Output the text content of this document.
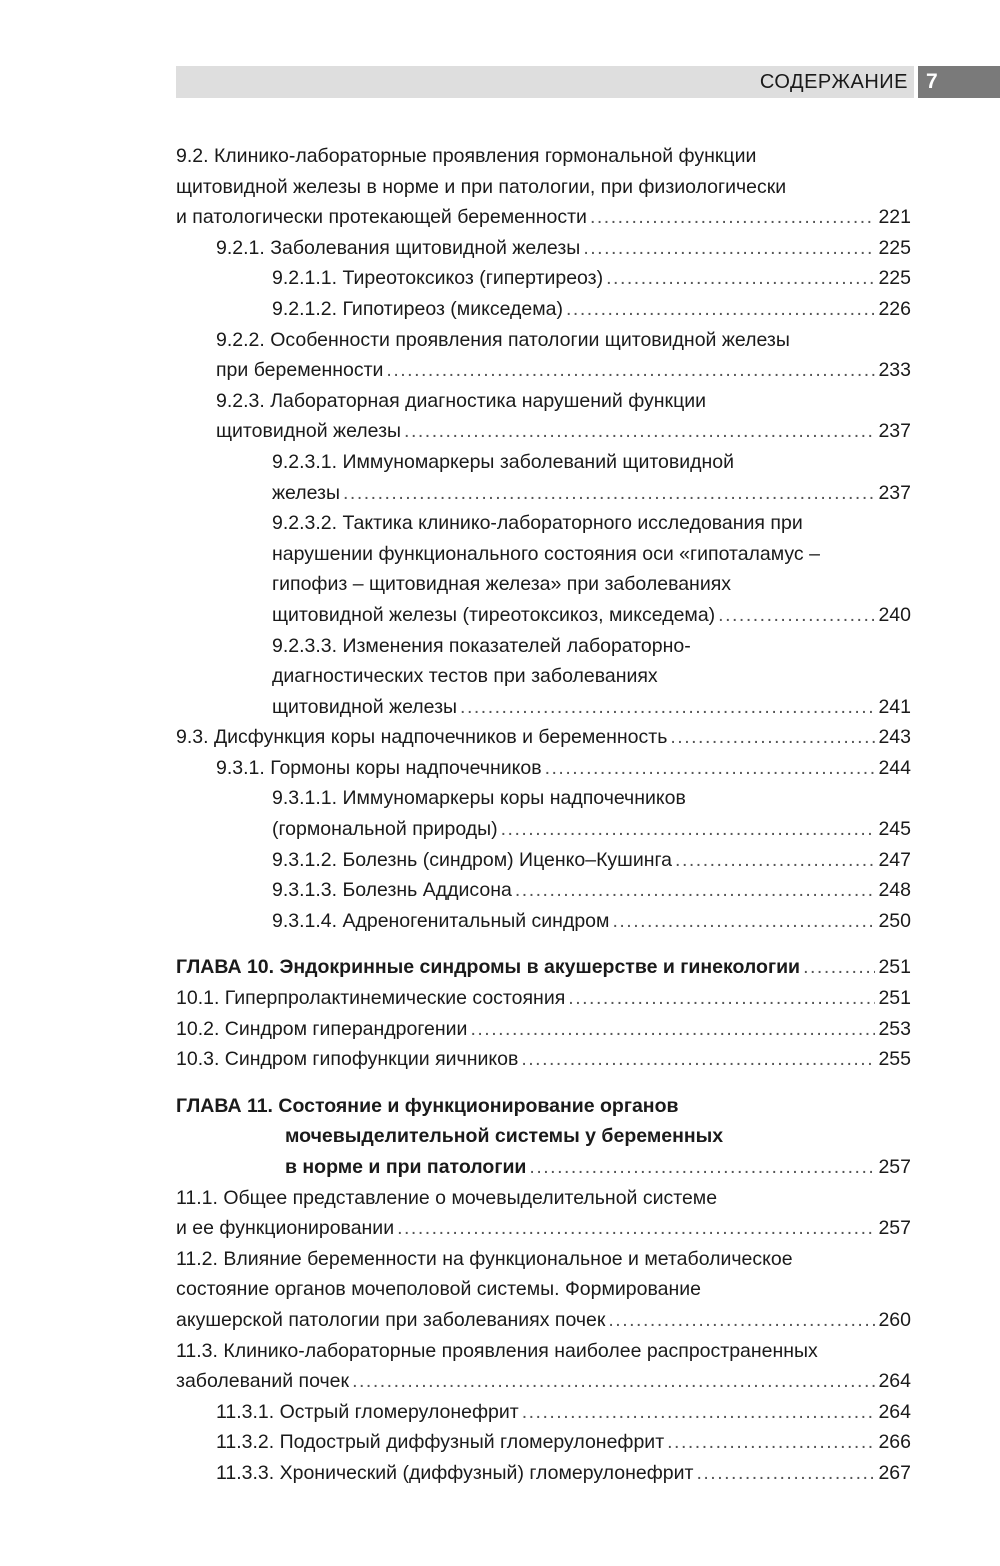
СОДЕРЖАНИЕ 7
9.2. Клинико-лабораторные проявления гормональной функции
щитовидной железы в норме и при патологии, при физиологически
и патологически протекающей беременности .....	221
9.2.1. Заболевания щитовидной железы .....	225
9.2.1.1. Тиреотоксикоз (гипертиреоз) .....	225
9.2.1.2. Гипотиреоз (микседема) .....	226
9.2.2. Особенности проявления патологии щитовидной железы
при беременности .....	233
9.2.3. Лабораторная диагностика нарушений функции
щитовидной железы .....	237
9.2.3.1. Иммуномаркеры заболеваний щитовидной
железы .....	237
9.2.3.2. Тактика клинико-лабораторного исследования при
нарушении функционального состояния оси «гипоталамус –
гипофиз – щитовидная железа» при заболеваниях
щитовидной железы (тиреотоксикоз, микседема) .....	240
9.2.3.3. Изменения показателей лабораторно-
диагностических тестов при заболеваниях
щитовидной железы .....	241
9.3. Дисфункция коры надпочечников и беременность .....	243
9.3.1. Гормоны коры надпочечников .....	244
9.3.1.1. Иммуномаркеры коры надпочечников
(гормональной природы) .....	245
9.3.1.2. Болезнь (синдром) Иценко–Кушинга .....	247
9.3.1.3. Болезнь Аддисона .....	248
9.3.1.4. Адреногенитальный синдром .....	250
ГЛАВА 10. Эндокринные синдромы в акушерстве и гинекологии .....	251
10.1. Гиперпролактинемические состояния .....	251
10.2. Синдром гиперандрогении .....	253
10.3. Синдром гипофункции яичников .....	255
ГЛАВА 11. Состояние и функционирование органов
мочевыделительной системы у беременных
в норме и при патологии .....	257
11.1. Общее представление о мочевыделительной системе
и ее функционировании .....	257
11.2. Влияние беременности на функциональное и метаболическое
состояние органов мочеполовой системы. Формирование
акушерской патологии при заболеваниях почек .....	260
11.3. Клинико-лабораторные проявления наиболее распространенных
заболеваний почек .....	264
11.3.1. Острый гломерулонефрит .....	264
11.3.2. Подострый диффузный гломерулонефрит .....	266
11.3.3. Хронический (диффузный) гломерулонефрит .....	267
